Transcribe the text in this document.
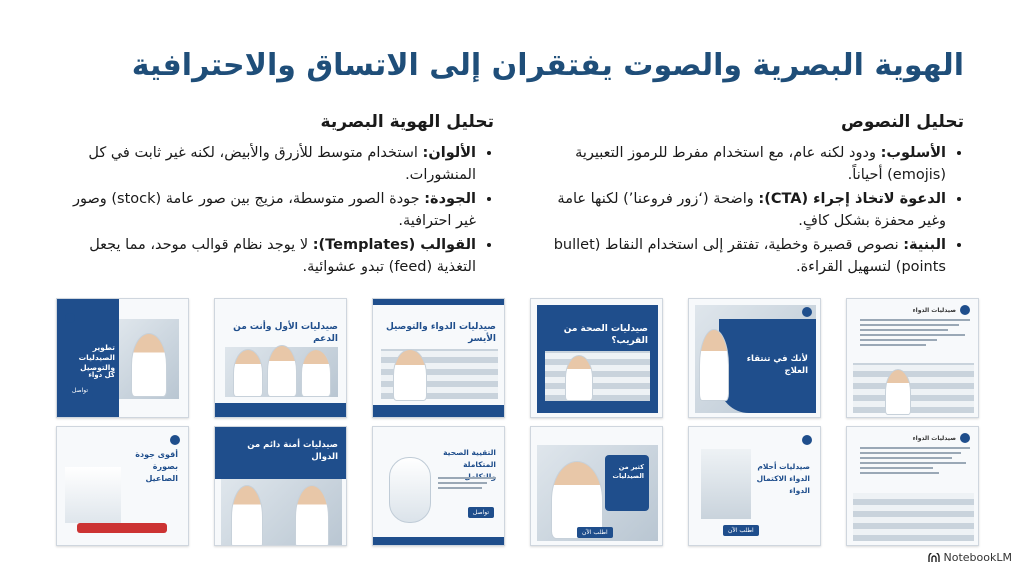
الهوية البصرية والصوت يفتقران إلى الاتساق والاحترافية
تحليل النصوص
• الأسلوب: ودود لكنه عام، مع استخدام مفرط للرموز التعبيرية (emojis) أحياناً.
• الدعوة لاتخاذ إجراء (CTA): واضحة (‘زور فروعنا’) لكنها عامة وغير محفزة بشكل كافٍ.
• البنية: نصوص قصيرة وخطية، تفتقر إلى استخدام النقاط (bullet points) لتسهيل القراءة.
تحليل الهوية البصرية
• الألوان: استخدام متوسط للأزرق والأبيض، لكنه غير ثابت في كل المنشورات.
• الجودة: جودة الصور متوسطة، مزيج بين صور عامة (stock) وصور غير احترافية.
• القوالب (Templates): لا يوجد نظام قوالب موحد، مما يجعل التغذية (feed) تبدو عشوائية.
تطوير الصيدليات والتوصيل
كل دواء
تواصل
صيدليات الأول وأنت من الدعم
صيدليات الدواء والتوصيل الأيسر
صيدليات الصحة من القريب؟
لأنك في تنتقاء العلاج
صيدليات الدواء
أقوى جودة بصورة الصاعيل
صيدليات أمنة دائم من الدوال	التقيية الصحية المتكاملة
تواصل
كثير من الصيدليات
اطلب الآن
صيدليات أحلام الدواء الاكتمال الدواء
اطلب الآن
صيدليات الدواء
NotebookLM
